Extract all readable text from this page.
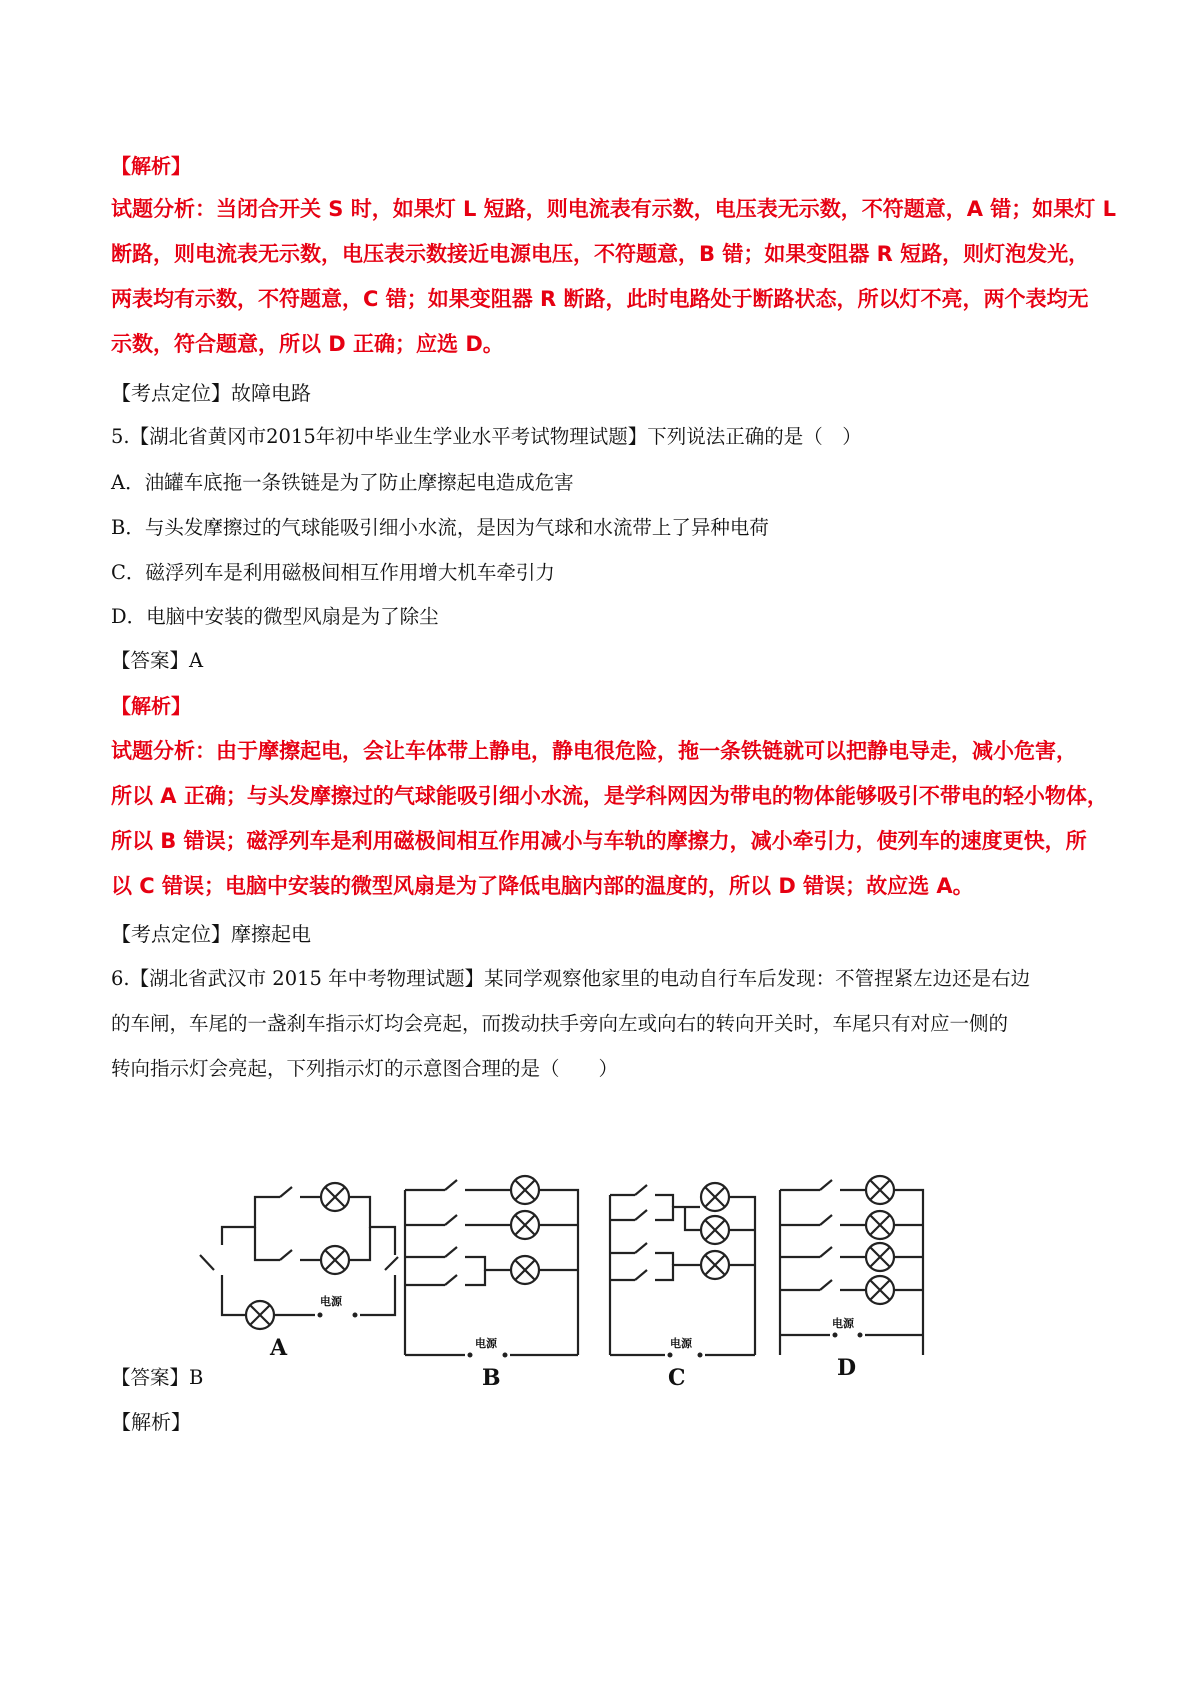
【解析】
试题分析：当闭合开关 S 时，如果灯 L 短路，则电流表有示数，电压表无示数，不符题意，A 错；如果灯 L
断路，则电流表无示数，电压表示数接近电源电压，不符题意，B 错；如果变阻器 R 短路，则灯泡发光，
两表均有示数，不符题意，C 错；如果变阻器 R 断路，此时电路处于断路状态，所以灯不亮，两个表均无
示数，符合题意，所以 D 正确；应选 D。
【考点定位】故障电路
5.【湖北省黄冈市2015年初中毕业生学业水平考试物理试题】下列说法正确的是（　）
A．油罐车底拖一条铁链是为了防止摩擦起电造成危害
B．与头发摩擦过的气球能吸引细小水流，是因为气球和水流带上了异种电荷
C．磁浮列车是利用磁极间相互作用增大机车牵引力
D．电脑中安装的微型风扇是为了除尘
【答案】A
【解析】
试题分析：由于摩擦起电，会让车体带上静电，静电很危险，拖一条铁链就可以把静电导走，减小危害，
所以 A 正确；与头发摩擦过的气球能吸引细小水流，是学科网因为带电的物体能够吸引不带电的轻小物体，
所以 B 错误；磁浮列车是利用磁极间相互作用减小与车轨的摩擦力，减小牵引力，使列车的速度更快，所
以 C 错误；电脑中安装的微型风扇是为了降低电脑内部的温度的，所以 D 错误；故应选 A。
【考点定位】摩擦起电
6.【湖北省武汉市 2015 年中考物理试题】某同学观察他家里的电动自行车后发现：不管捏紧左边还是右边
的车闸，车尾的一盏刹车指示灯均会亮起，而拨动扶手旁向左或向右的转向开关时，车尾只有对应一侧的
转向指示灯会亮起，下列指示灯的示意图合理的是（　　）
电源
A	电源
B
电源
C
电源
D
【答案】B
【解析】
